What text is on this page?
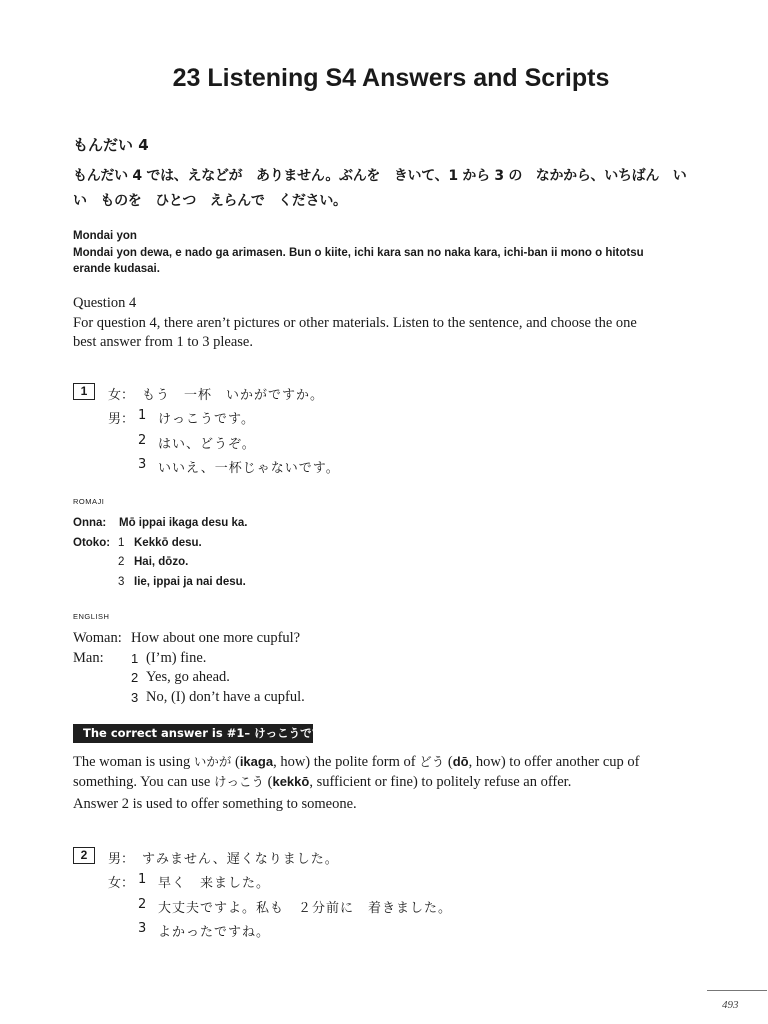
23 Listening S4 Answers and Scripts
もんだい 4
もんだい 4 では、えなどが　ありません。ぶんを　きいて、1 から 3 の　なかから、いちばん　い
い　ものを　ひとつ　えらんで　ください。
Mondai yon
Mondai yon dewa, e nado ga arimasen. Bun o kiite, ichi kara san no naka kara, ichi-ban ii mono o hitotsu
erande kudasai.
Question 4
For question 4, there aren’t pictures or other materials. Listen to the sentence, and choose the one
best answer from 1 to 3 please.
1	女： もう　一杯　いかがですか。
男： 1 けっこうです。
2 はい、どうぞ。
3 いいえ、一杯じゃないです。
ROMAJI
Onna: Mō ippai ikaga desu ka.
Otoko: 1 Kekkō desu.
2 Hai, dōzo.
3 Iie, ippai ja nai desu.
ENGLISH
Woman: How about one more cupful?
Man: 1 (I’m) fine.
2 Yes, go ahead.
3 No, (I) don’t have a cupful.
The correct answer is #1– けっこうです .
The woman is using いかが (ikaga, how) the polite form of どう (dō, how) to offer another cup of
something. You can use けっこう (kekkō, sufficient or fine) to politely refuse an offer.
Answer 2 is used to offer something to someone.
2	男： すみません、遅くなりました。
女： 1 早く　来ました。
2 大丈夫ですよ。私も　２分前に　着きました。
3 よかったですね。
493
